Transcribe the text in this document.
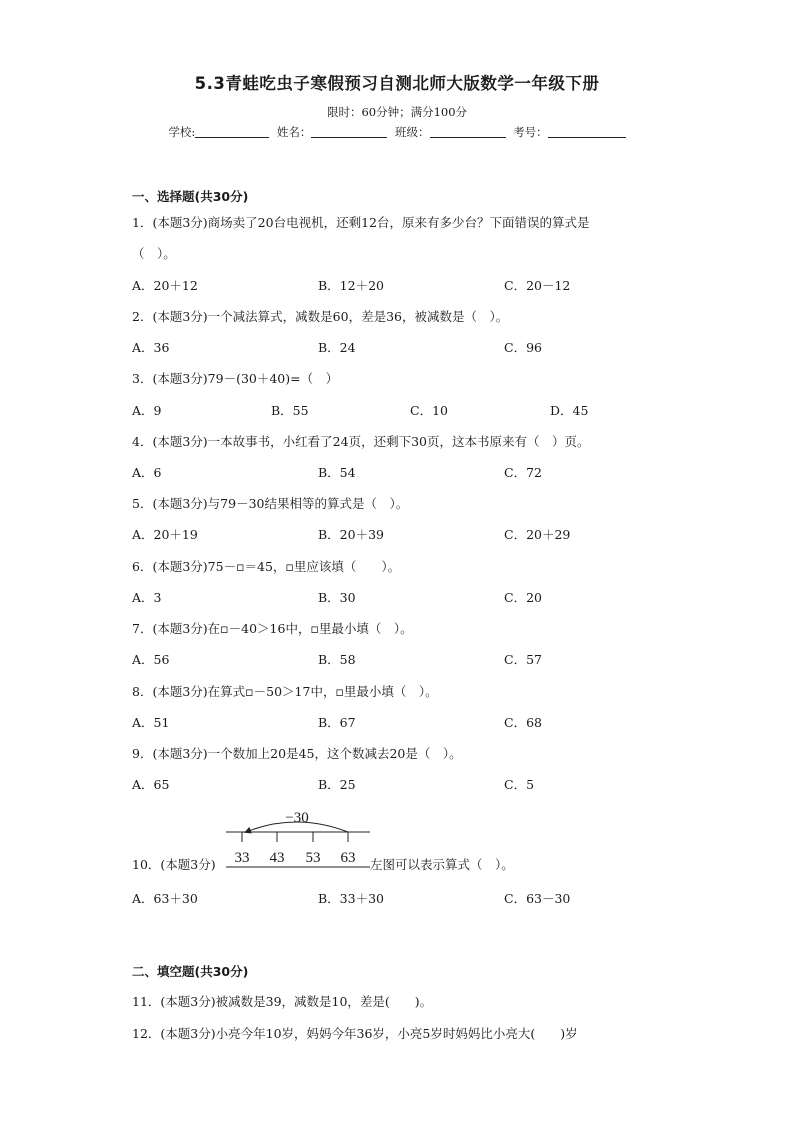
5.3青蛙吃虫子寒假预习自测北师大版数学一年级下册
限时：60分钟；满分100分
学校:	姓名：	班级：	考号：
一、选择题(共30分)
1．(本题3分)商场卖了20台电视机，还剩12台，原来有多少台？下面错误的算式是
（　）。
A．20＋12	B．12＋20	C．20－12
2．(本题3分)一个减法算式，减数是60，差是36，被减数是（　）。
A．36	B．24	C．96
3．(本题3分)79－(30＋40)=（　）
A．9	B．55	C．10	D．45
4．(本题3分)一本故事书，小红看了24页，还剩下30页，这本书原来有（　）页。
A．6	B．54	C．72
5．(本题3分)与79－30结果相等的算式是（　）。
A．20＋19	B．20＋39	C．20＋29
6．(本题3分)75－▫＝45，▫里应该填（　　）。
A．3	B．30	C．20
7．(本题3分)在▫－40＞16中，▫里最小填（　）。
A．56	B．58	C．57
8．(本题3分)在算式▫－50＞17中，▫里最小填（　）。
A．51	B．67	C．68
9．(本题3分)一个数加上20是45，这个数减去20是（　）。
A．65	B．25	C．5
−30
33 43 53 63
10．(本题3分)	左图可以表示算式（　）。
A．63＋30	B．33＋30	C．63－30
二、填空题(共30分)
11．(本题3分)被减数是39，减数是10，差是(　　)。
12．(本题3分)小亮今年10岁，妈妈今年36岁，小亮5岁时妈妈比小亮大(　　)岁
